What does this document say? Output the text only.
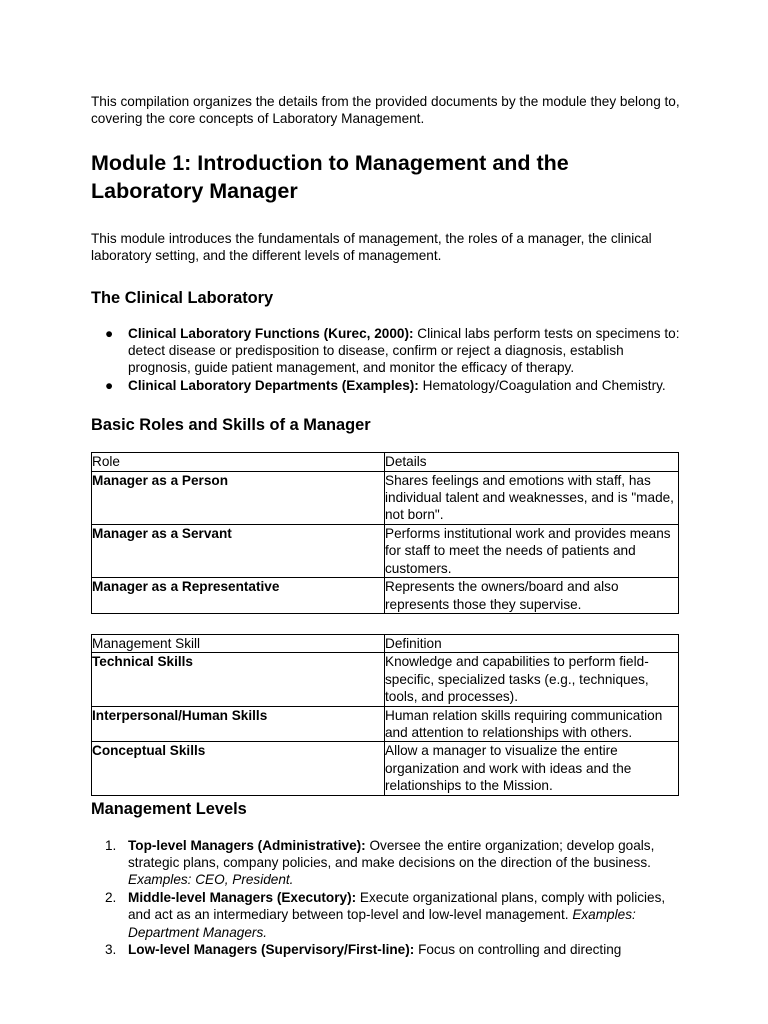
This compilation organizes the details from the provided documents by the module they belong to, covering the core concepts of Laboratory Management.

Module 1: Introduction to Management and the Laboratory Manager

This module introduces the fundamentals of management, the roles of a manager, the clinical laboratory setting, and the different levels of management.

The Clinical Laboratory
● Clinical Laboratory Functions (Kurec, 2000): Clinical labs perform tests on specimens to: detect disease or predisposition to disease, confirm or reject a diagnosis, establish prognosis, guide patient management, and monitor the efficacy of therapy.
● Clinical Laboratory Departments (Examples): Hematology/Coagulation and Chemistry.
Basic Roles and Skills of a Manager
Role	Details
Manager as a Person	Shares feelings and emotions with staff, has individual talent and weaknesses, and is "made, not born".
Manager as a Servant	Performs institutional work and provides means for staff to meet the needs of patients and customers.
Manager as a Representative	Represents the owners/board and also represents those they supervise.
Management Skill	Definition
Technical Skills	Knowledge and capabilities to perform field-specific, specialized tasks (e.g., techniques, tools, and processes).
Interpersonal/Human Skills	Human relation skills requiring communication and attention to relationships with others.
Conceptual Skills	Allow a manager to visualize the entire organization and work with ideas and the relationships to the Mission.
Management Levels
1. Top-level Managers (Administrative): Oversee the entire organization; develop goals, strategic plans, company policies, and make decisions on the direction of the business. Examples: CEO, President.
2. Middle-level Managers (Executory): Execute organizational plans, comply with policies, and act as an intermediary between top-level and low-level management. Examples: Department Managers.
3. Low-level Managers (Supervisory/First-line): Focus on controlling and directing
